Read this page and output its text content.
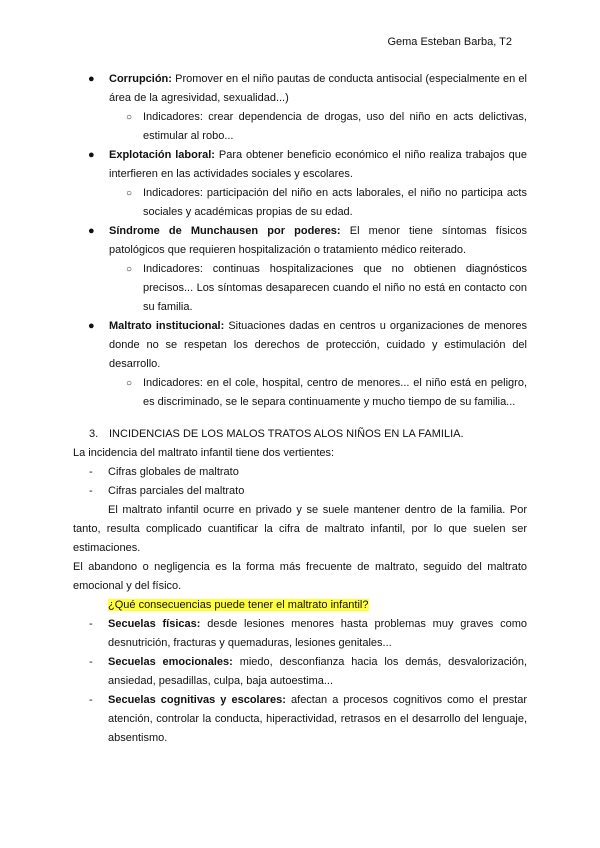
Gema Esteban Barba, T2
● Corrupción: Promover en el niño pautas de conducta antisocial (especialmente en el área de la agresividad, sexualidad...)
○ Indicadores: crear dependencia de drogas, uso del niño en acts delictivas, estimular al robo...
● Explotación laboral: Para obtener beneficio económico el niño realiza trabajos que interfieren en las actividades sociales y escolares.
○ Indicadores: participación del niño en acts laborales, el niño no participa acts sociales y académicas propias de su edad.
● Síndrome de Munchausen por poderes: El menor tiene síntomas físicos patológicos que requieren hospitalización o tratamiento médico reiterado.
○ Indicadores: continuas hospitalizaciones que no obtienen diagnósticos precisos... Los síntomas desaparecen cuando el niño no está en contacto con su familia.
● Maltrato institucional: Situaciones dadas en centros u organizaciones de menores donde no se respetan los derechos de protección, cuidado y estimulación del desarrollo.
○ Indicadores: en el cole, hospital, centro de menores... el niño está en peligro, es discriminado, se le separa continuamente y mucho tiempo de su familia...
3. INCIDENCIAS DE LOS MALOS TRATOS ALOS NIÑOS EN LA FAMILIA.
La incidencia del maltrato infantil tiene dos vertientes:
- Cifras globales de maltrato
- Cifras parciales del maltrato
El maltrato infantil ocurre en privado y se suele mantener dentro de la familia. Por tanto, resulta complicado cuantificar la cifra de maltrato infantil, por lo que suelen ser estimaciones.
El abandono o negligencia es la forma más frecuente de maltrato, seguido del maltrato emocional y del físico.
¿Qué consecuencias puede tener el maltrato infantil?
- Secuelas físicas: desde lesiones menores hasta problemas muy graves como desnutrición, fracturas y quemaduras, lesiones genitales...
- Secuelas emocionales: miedo, desconfianza hacia los demás, desvalorización, ansiedad, pesadillas, culpa, baja autoestima...
- Secuelas cognitivas y escolares: afectan a procesos cognitivos como el prestar atención, controlar la conducta, hiperactividad, retrasos en el desarrollo del lenguaje, absentismo.
